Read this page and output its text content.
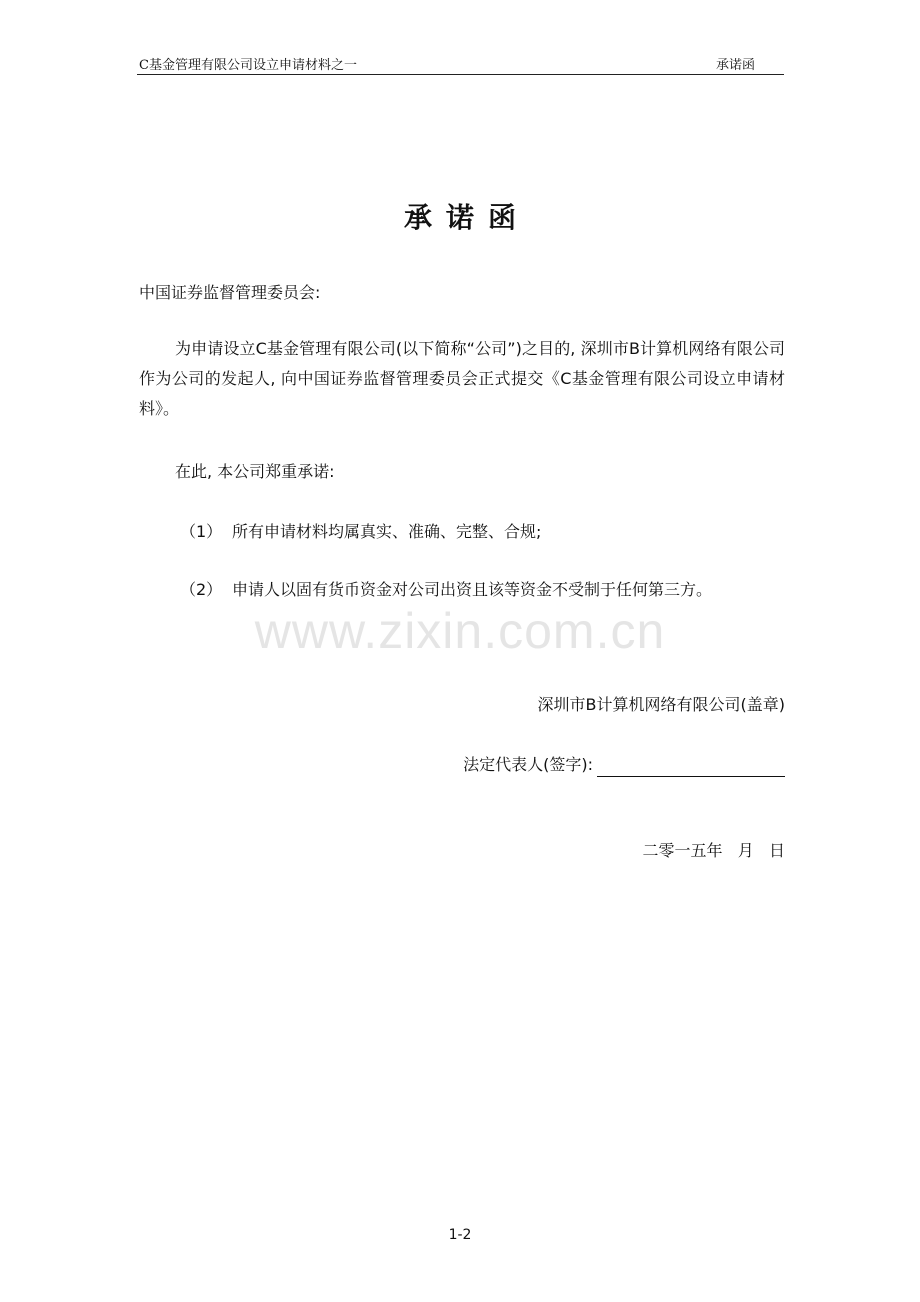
C基金管理有限公司设立申请材料之一	承诺函
承诺函
中国证券监督管理委员会:
为申请设立C基金管理有限公司(以下简称“公司”)之目的, 深圳市B计算机网络有限公司作为公司的发起人, 向中国证券监督管理委员会正式提交《C基金管理有限公司设立申请材料》。
在此, 本公司郑重承诺:
（1） 所有申请材料均属真实、准确、完整、合规;
（2） 申请人以固有货币资金对公司出资且该等资金不受制于任何第三方。
www.zixin.com.cn
深圳市B计算机网络有限公司(盖章)
法定代表人(签字):
二零一五年   月   日
1-2
